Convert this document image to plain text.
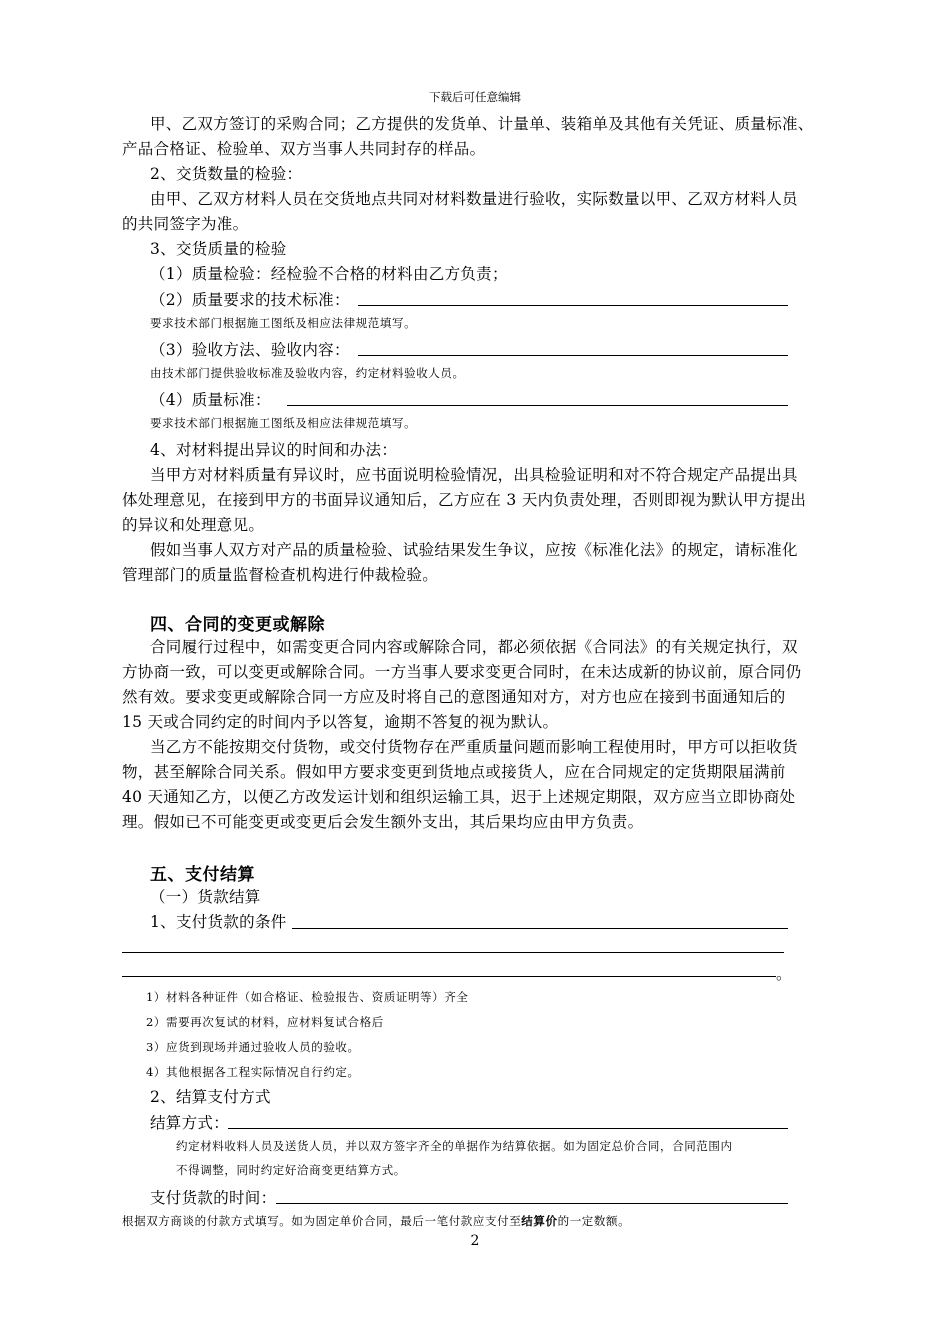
下载后可任意编辑
甲、乙双方签订的采购合同；乙方提供的发货单、计量单、装箱单及其他有关凭证、质量标准、
产品合格证、检验单、双方当事人共同封存的样品。
2、交货数量的检验：
由甲、乙双方材料人员在交货地点共同对材料数量进行验收，实际数量以甲、乙双方材料人员
的共同签字为准。
3、交货质量的检验
（1）质量检验：经检验不合格的材料由乙方负责；
（2）质量要求的技术标准：
要求技术部门根据施工图纸及相应法律规范填写。
（3）验收方法、验收内容：
由技术部门提供验收标准及验收内容，约定材料验收人员。
（4）质量标准：
要求技术部门根据施工图纸及相应法律规范填写。
4、对材料提出异议的时间和办法：
当甲方对材料质量有异议时，应书面说明检验情况，出具检验证明和对不符合规定产品提出具
体处理意见，在接到甲方的书面异议通知后，乙方应在 3 天内负责处理，否则即视为默认甲方提出
的异议和处理意见。
假如当事人双方对产品的质量检验、试验结果发生争议，应按《标准化法》的规定，请标准化
管理部门的质量监督检查机构进行仲裁检验。
四、合同的变更或解除
合同履行过程中，如需变更合同内容或解除合同，都必须依据《合同法》的有关规定执行，双
方协商一致，可以变更或解除合同。一方当事人要求变更合同时，在未达成新的协议前，原合同仍
然有效。要求变更或解除合同一方应及时将自己的意图通知对方，对方也应在接到书面通知后的
15 天或合同约定的时间内予以答复，逾期不答复的视为默认。
当乙方不能按期交付货物，或交付货物存在严重质量问题而影响工程使用时，甲方可以拒收货
物，甚至解除合同关系。假如甲方要求变更到货地点或接货人，应在合同规定的定货期限届满前
40 天通知乙方，以便乙方改发运计划和组织运输工具，迟于上述规定期限，双方应当立即协商处
理。假如已不可能变更或变更后会发生额外支出，其后果均应由甲方负责。
五、支付结算
（一）货款结算
1、支付货款的条件
。
1）材料各种证件（如合格证、检验报告、资质证明等）齐全
2）需要再次复试的材料，应材料复试合格后
3）应货到现场并通过验收人员的验收。
4）其他根据各工程实际情况自行约定。
2、结算支付方式
结算方式：
约定材料收料人员及送货人员，并以双方签字齐全的单据作为结算依据。如为固定总价合同，合同范围内
不得调整，同时约定好洽商变更结算方式。
支付货款的时间：
根据双方商谈的付款方式填写。如为固定单价合同，最后一笔付款应支付至结算价的一定数额。
2
